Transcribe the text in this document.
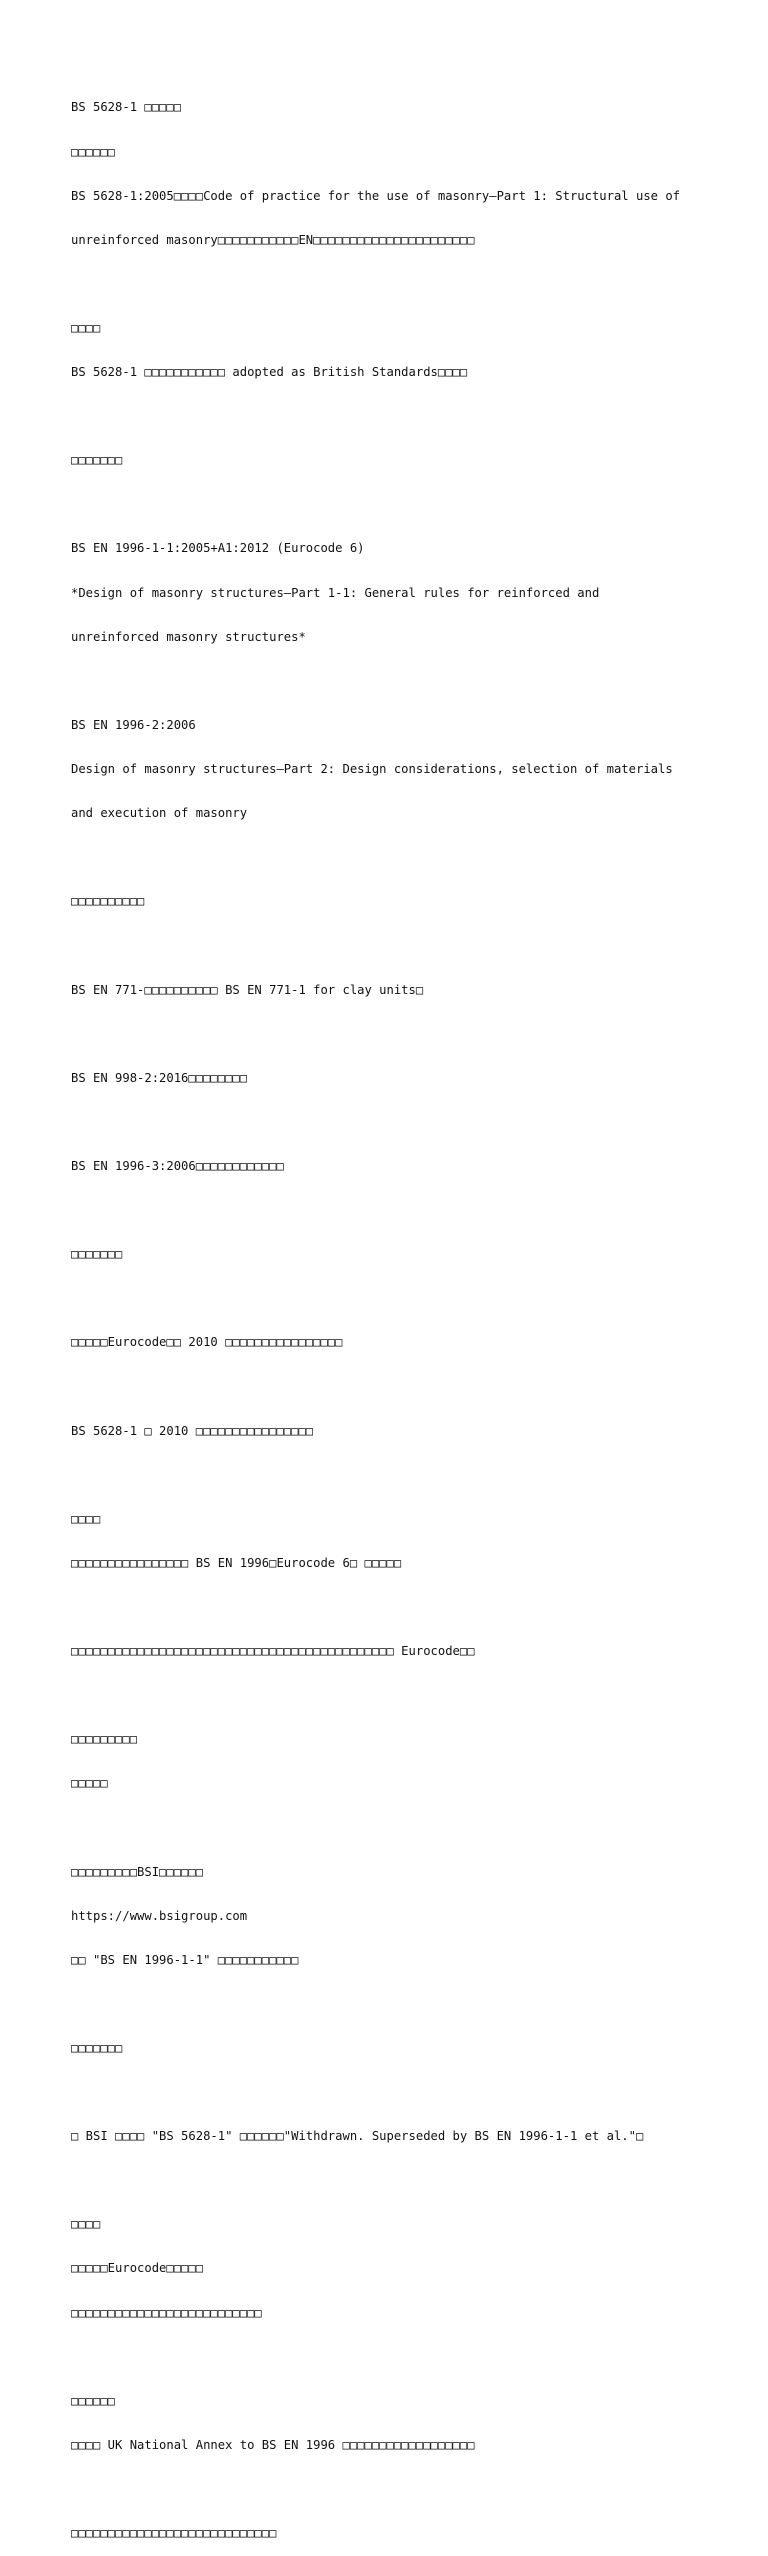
BS 5628-1 □□□□□

□□□□□□

BS 5628-1:2005□□□□Code of practice for the use of masonry—Part 1: Structural use of

unreinforced masonry□□□□□□□□□□□EN□□□□□□□□□□□□□□□□□□□□□□

□□□□

BS 5628-1 □□□□□□□□□□□ adopted as British Standards□□□□

□□□□□□□

BS EN 1996-1-1:2005+A1:2012 (Eurocode 6)

*Design of masonry structures—Part 1-1: General rules for reinforced and

unreinforced masonry structures*

BS EN 1996-2:2006

Design of masonry structures—Part 2: Design considerations, selection of materials

and execution of masonry

□□□□□□□□□□

BS EN 771-□□□□□□□□□□ BS EN 771-1 for clay units□

BS EN 998-2:2016□□□□□□□□

BS EN 1996-3:2006□□□□□□□□□□□□

□□□□□□□

□□□□□Eurocode□□ 2010 □□□□□□□□□□□□□□□□

BS 5628-1 □ 2010 □□□□□□□□□□□□□□□□

□□□□

□□□□□□□□□□□□□□□□ BS EN 1996□Eurocode 6□ □□□□□

□□□□□□□□□□□□□□□□□□□□□□□□□□□□□□□□□□□□□□□□□□□□ Eurocode□□

□□□□□□□□□

□□□□□

□□□□□□□□□BSI□□□□□□

https://www.bsigroup.com

□□ "BS EN 1996-1-1" □□□□□□□□□□□

□□□□□□□

□ BSI □□□□ "BS 5628-1" □□□□□□"Withdrawn. Superseded by BS EN 1996-1-1 et al."□

□□□□

□□□□□Eurocode□□□□□

□□□□□□□□□□□□□□□□□□□□□□□□□□

□□□□□□

□□□□ UK National Annex to BS EN 1996 □□□□□□□□□□□□□□□□□□

□□□□□□□□□□□□□□□□□□□□□□□□□□□□
